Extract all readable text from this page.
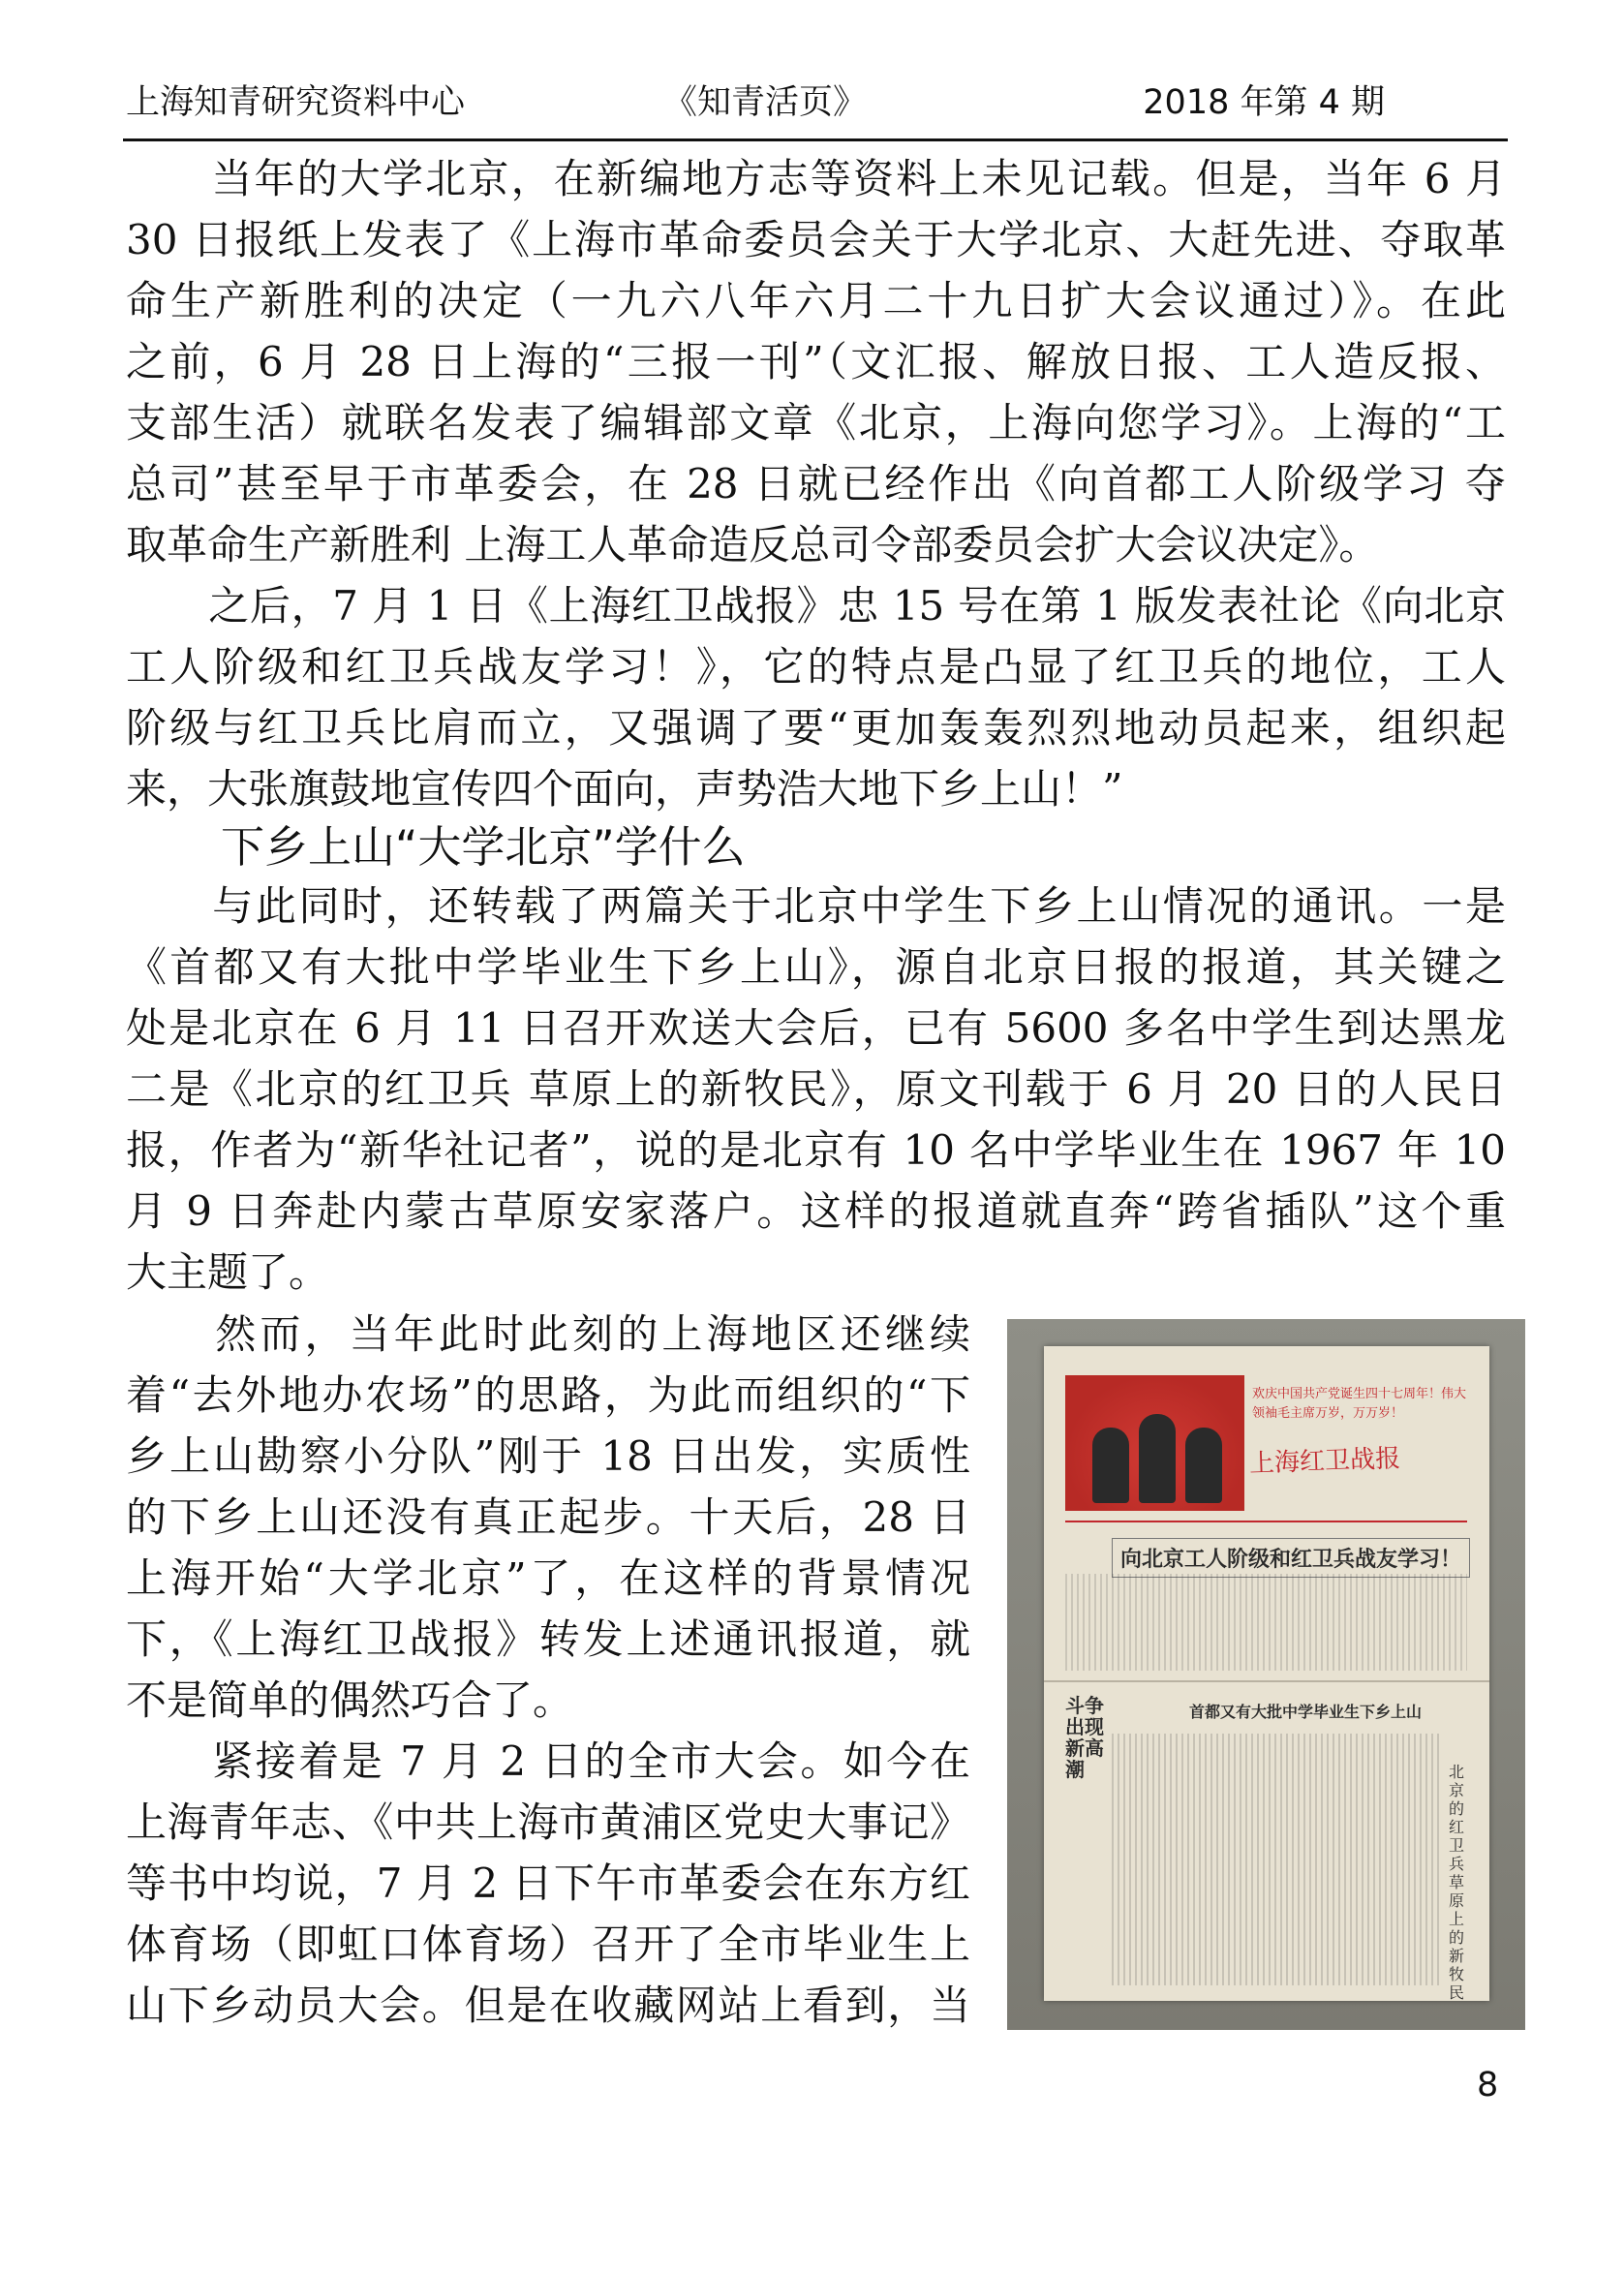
上海知青研究资料中心	《知青活页》	2018 年第 4 期
　　当年的大学北京，在新编地方志等资料上未见记载。但是，当年 6 月
30 日报纸上发表了《上海市革命委员会关于大学北京、大赶先进、夺取革
命生产新胜利的决定（一九六八年六月二十九日扩大会议通过）》。在此
之前，6 月 28 日上海的“三报一刊”（文汇报、解放日报、工人造反报、
支部生活）就联名发表了编辑部文章《北京，上海向您学习》。上海的“工
总司”甚至早于市革委会，在 28 日就已经作出《向首都工人阶级学习 夺
取革命生产新胜利 上海工人革命造反总司令部委员会扩大会议决定》。
　　之后，7 月 1 日《上海红卫战报》忠 15 号在第 1 版发表社论《向北京
工人阶级和红卫兵战友学习！》，它的特点是凸显了红卫兵的地位，工人
阶级与红卫兵比肩而立，又强调了要“更加轰轰烈烈地动员起来，组织起
来，大张旗鼓地宣传四个面向，声势浩大地下乡上山！”
下乡上山“大学北京”学什么
　　与此同时，还转载了两篇关于北京中学生下乡上山情况的通讯。一是
《首都又有大批中学毕业生下乡上山》，源自北京日报的报道，其关键之
处是北京在 6 月 11 日召开欢送大会后，已有 5600 多名中学生到达黑龙
二是《北京的红卫兵 草原上的新牧民》，原文刊载于 6 月 20 日的人民日
报，作者为“新华社记者”，说的是北京有 10 名中学毕业生在 1967 年 10
月 9 日奔赴内蒙古草原安家落户。这样的报道就直奔“跨省插队”这个重
大主题了。
　　然而，当年此时此刻的上海地区还继续
着“去外地办农场”的思路，为此而组织的“下
乡上山勘察小分队”刚于 18 日出发，实质性
的下乡上山还没有真正起步。十天后，28 日
上海开始“大学北京”了，在这样的背景情况
下，《上海红卫战报》转发上述通讯报道，就
不是简单的偶然巧合了。
　　紧接着是 7 月 2 日的全市大会。如今在
上海青年志、《中共上海市黄浦区党史大事记》
等书中均说，7 月 2 日下午市革委会在东方红
体育场（即虹口体育场）召开了全市毕业生上
山下乡动员大会。但是在收藏网站上看到，当
欢庆中国共产党诞生四十七周年！伟大领袖毛主席万岁，万万岁！
上海红卫战报
向北京工人阶级和红卫兵战友学习！
首都又有大批中学毕业生下乡上山
斗争出现新高潮	北京的红卫兵 草原上的新牧民
8
